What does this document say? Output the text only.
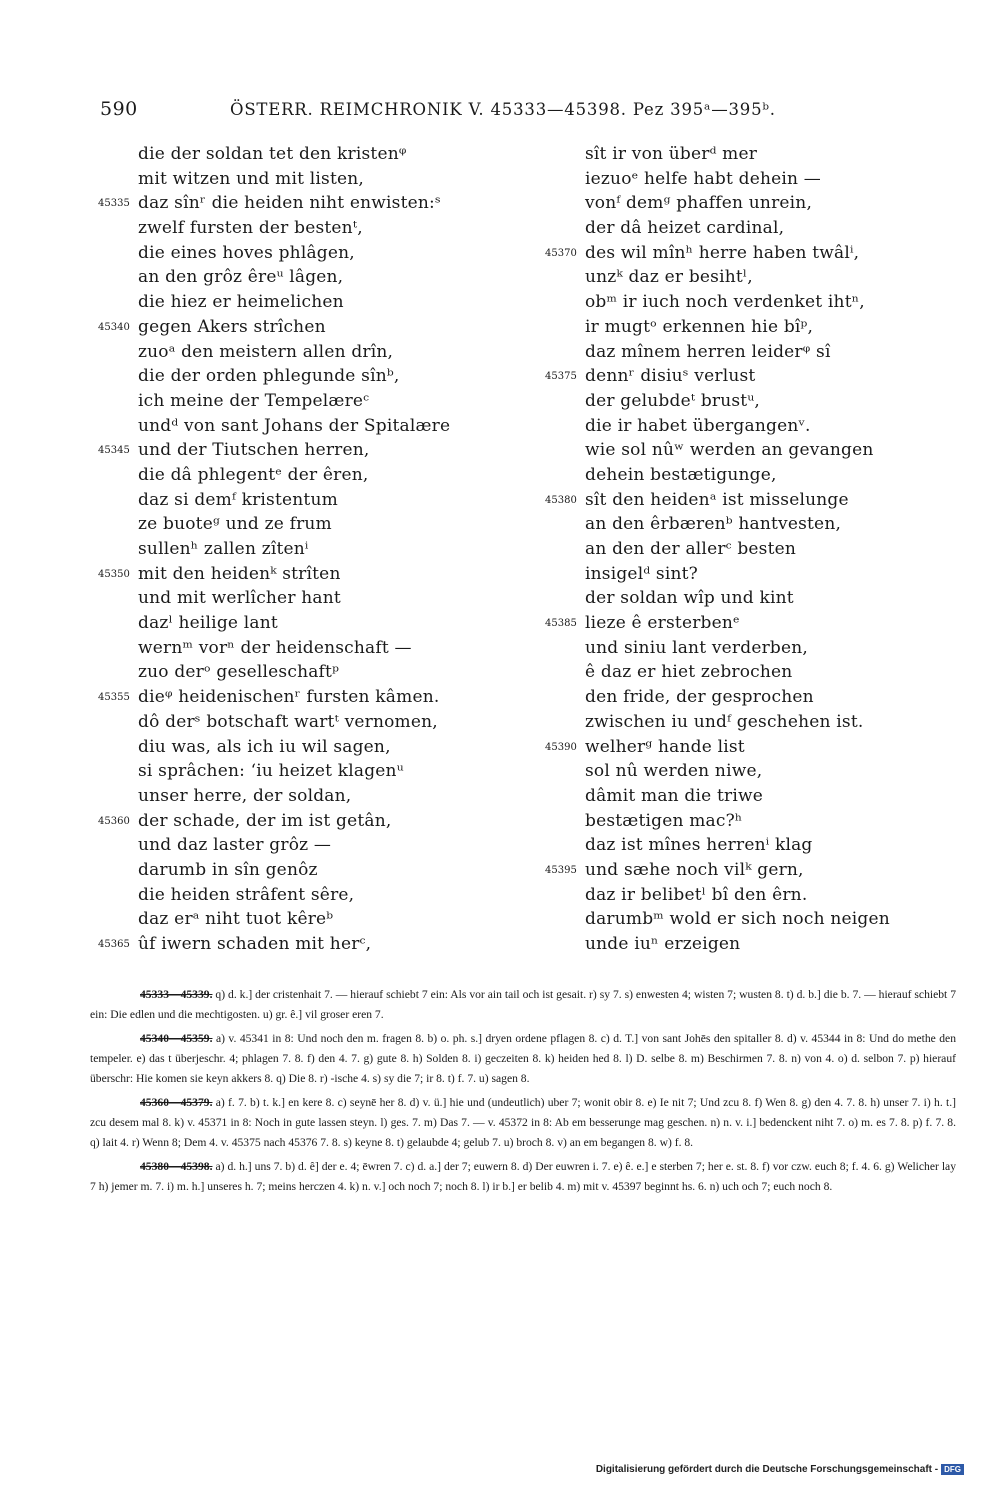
590	ÖSTERR. REIMCHRONIK V. 45333—45398. Pez 395ᵃ—395ᵇ.
die der soldan tet den kristenᵠ
mit witzen und mit listen,
45335 daz sînʳ die heiden niht enwisten:ˢ
zwelf fursten der bestenᵗ,
die eines hoves phlâgen,
an den grôz êreᵘ lâgen,
die hiez er heimelichen
45340 gegen Akers strîchen
zuoᵃ den meistern allen drîn,
die der orden phlegunde sînᵇ,
ich meine der Tempelærеᶜ
undᵈ von sant Johans der Spitalære
45345 und der Tiutschen herren,
die dâ phlegentᵉ der êren,
daz si demᶠ kristentum
ze buoteᵍ und ze frum
sullenʰ zallen zîtenⁱ
45350 mit den heidenᵏ strîten
und mit werlîcher hant
dazˡ heilige lant
wernᵐ vorⁿ der heidenschaft —
zuo derᵒ geselleschaftᵖ
45355 dieᵠ heidenischenʳ fursten kâmen.
dô derˢ botschaft wartᵗ vernomen,
diu was, als ich iu wil sagen,
si sprâchen: ‘iu heizet klagenᵘ
unser herre, der soldan,
45360 der schade, der im ist getân,
und daz laster grôz —
darumb in sîn genôz
die heiden strâfent sêre,
daz erᵃ niht tuot kêreᵇ
45365 ûf iwern schaden mit herᶜ,
sît ir von überᵈ mer
iezuoᵉ helfe habt dehein —
vonᶠ demᵍ phaffen unrein,
der dâ heizet cardinal,
45370 des wil mînʰ herre haben twâlⁱ,
unzᵏ daz er besihtˡ,
obᵐ ir iuch noch verdenket ihtⁿ,
ir mugtᵒ erkennen hie bîᵖ,
daz mînem herren leiderᵠ sî
45375 dennʳ disiuˢ verlust
der gelubdeᵗ brustᵘ,
die ir habet übergangenᵛ.
wie sol nûʷ werden an gevangen
dehein bestætigunge,
45380 sît den heidenᵃ ist misselunge
an den êrbærenᵇ hantvesten,
an den der allerᶜ besten
insigelᵈ sint?
der soldan wîp und kint
45385 lieze ê ersterbenᵉ
und siniu lant verderben,
ê daz er hiet zebrochen
den fride, der gesprochen
zwischen iu undᶠ geschehen ist.
45390 welherᵍ hande list
sol nû werden niwe,
dâmit man die triwe
bestætigen mac?ʰ
daz ist mînes herrenⁱ klag
45395 und sæhe noch vilᵏ gern,
daz ir belibetˡ bî den êrn.
darumbᵐ wold er sich noch neigen
unde iuⁿ erzeigen
45333—45339. q) d. k.] der cristenhait 7. — hierauf schiebt 7 ein: Als vor ain tail och ist gesait. r) sy 7. s) enwesten 4; wisten 7; wusten 8. t) d. b.] die b. 7. — hierauf schiebt 7 ein: Die edlen und die mechtigosten. u) gr. ê.] vil groser eren 7.
45340—45359. a) v. 45341 in 8: Und noch den m. fragen 8. b) o. ph. s.] dryen ordene pflagen 8. c) d. T.] von sant Johēs den spitaller 8. d) v. 45344 in 8: Und do methe den tempeler. e) das t überjeschr. 4; phlagen 7. 8. f) den 4. 7. g) gute 8. h) Solden 8. i) geczeiten 8. k) heiden hed 8. l) D. selbe 8. m) Beschirmen 7. 8. n) von 4. o) d. selbon 7. p) hierauf überschr: Hie komen sie keyn akkers 8. q) Die 8. r) -ische 4. s) sy die 7; ir 8. t) f. 7. u) sagen 8.
45360—45379. a) f. 7. b) t. k.] en kere 8. c) seynē her 8. d) v. ü.] hie und (undeutlich) uber 7; wonit obir 8. e) Ie nit 7; Und zcu 8. f) Wen 8. g) den 4. 7. 8. h) unser 7. i) h. t.] zcu desem mal 8. k) v. 45371 in 8: Noch in gute lassen steyn. l) ges. 7. m) Das 7. — v. 45372 in 8: Ab em besserunge mag geschen. n) n. v. i.] bedenckent niht 7. o) m. es 7. 8. p) f. 7. 8. q) lait 4. r) Wenn 8; Dem 4. v. 45375 nach 45376 7. 8. s) keyne 8. t) gelaubde 4; gelub 7. u) broch 8. v) an em begangen 8. w) f. 8.
45380—45398. a) d. h.] uns 7. b) d. ê] der e. 4; ēwren 7. c) d. a.] der 7; euwern 8. d) Der euwren i. 7. e) ê. e.] e sterben 7; her e. st. 8. f) vor czw. euch 8; f. 4. 6. g) Welicher lay 7 h) jemer m. 7. i) m. h.] unseres h. 7; meins herczen 4. k) n. v.] och noch 7; noch 8. l) ir b.] er belib 4. m) mit v. 45397 beginnt hs. 6. n) uch och 7; euch noch 8.
Digitalisierung gefördert durch die Deutsche Forschungsgemeinschaft - DFG
